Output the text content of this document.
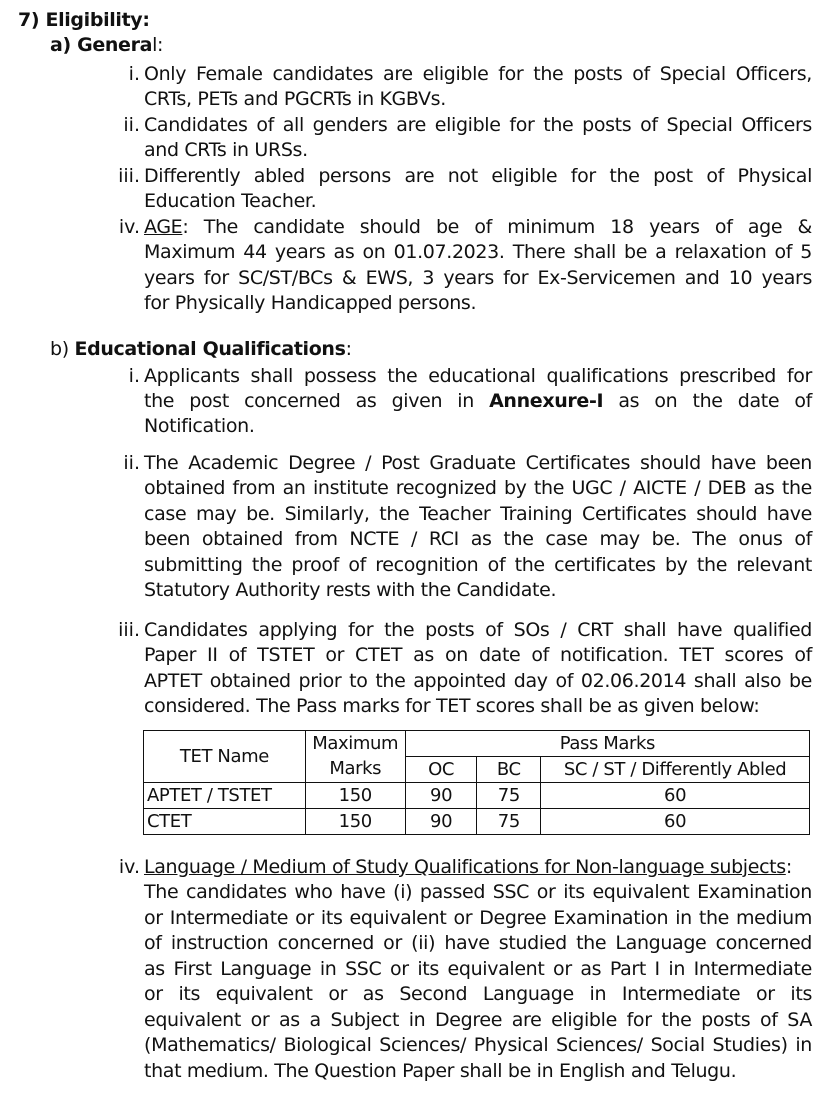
7) Eligibility:
a) General:
i. Only Female candidates are eligible for the posts of Special Officers,
CRTs, PETs and PGCRTs in KGBVs.
ii. Candidates of all genders are eligible for the posts of Special Officers
and CRTs in URSs.
iii. Differently abled persons are not eligible for the post of Physical
Education Teacher.
iv. AGE: The candidate should be of minimum 18 years of age &
Maximum 44 years as on 01.07.2023. There shall be a relaxation of 5
years for SC/ST/BCs & EWS, 3 years for Ex-Servicemen and 10 years
for Physically Handicapped persons.
b) Educational Qualifications:
i. Applicants shall possess the educational qualifications prescribed for
the post concerned as given in Annexure-I as on the date of
Notification.
ii. The Academic Degree / Post Graduate Certificates should have been
obtained from an institute recognized by the UGC / AICTE / DEB as the
case may be. Similarly, the Teacher Training Certificates should have
been obtained from NCTE / RCI as the case may be. The onus of
submitting the proof of recognition of the certificates by the relevant
Statutory Authority rests with the Candidate.
iii. Candidates applying for the posts of SOs / CRT shall have qualified
Paper II of TSTET or CTET as on date of notification. TET scores of
APTET obtained prior to the appointed day of 02.06.2014 shall also be
considered. The Pass marks for TET scores shall be as given below:
TET Name	Maximum	Pass Marks		
	Marks	OC	BC	SC / ST / Differently Abled
APTET / TSTET	150	90	75	60
CTET	150	90	75	60
iv. Language / Medium of Study Qualifications for Non-language subjects:
The candidates who have (i) passed SSC or its equivalent Examination
or Intermediate or its equivalent or Degree Examination in the medium
of instruction concerned or (ii) have studied the Language concerned
as First Language in SSC or its equivalent or as Part I in Intermediate
or its equivalent or as Second Language in Intermediate or its
equivalent or as a Subject in Degree are eligible for the posts of SA
(Mathematics/ Biological Sciences/ Physical Sciences/ Social Studies) in
that medium. The Question Paper shall be in English and Telugu.
